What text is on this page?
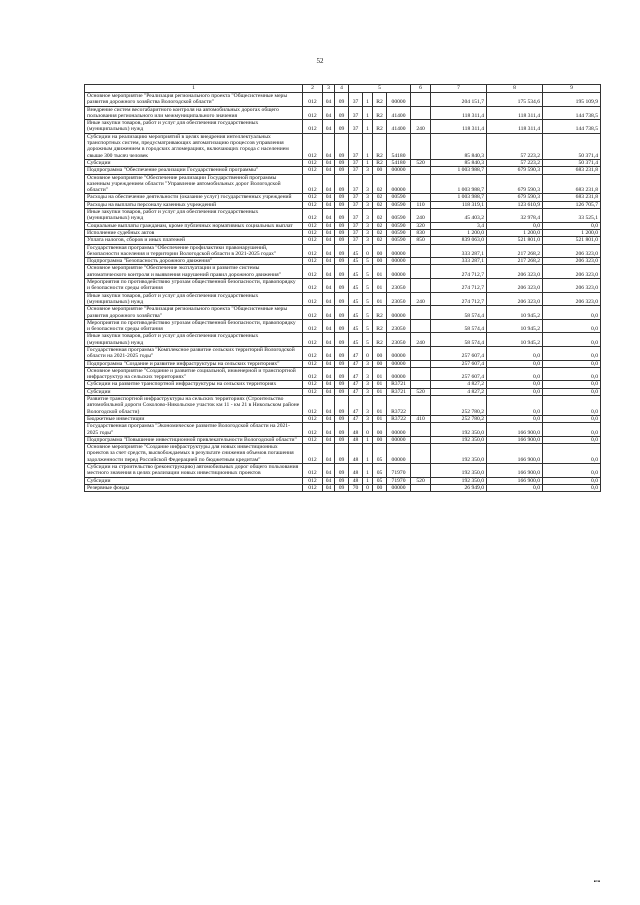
52
1	2	3	4	5				6	7	8	9
Основное мероприятие "Реализация регионального проекта "Общесистемные меры развития дорожного хозяйства Вологодской области"	012	04	09	37	1	R2	00000		204 151,7	175 534,6	195 109,9
Внедрение систем весогабаритного контроля на автомобильных дорогах общего пользования регионального или межмуниципального значения	012	04	09	37	1	R2	41400		118 311,4	118 311,4	144 738,5
Иные закупки товаров, работ и услуг для обеспечения государственных (муниципальных) нужд	012	04	09	37	1	R2	41400	240	118 311,4	118 311,4	144 738,5
Субсидии на реализацию мероприятий в целях внедрения интеллектуальных транспортных систем, предусматривающих автоматизацию процессов управления дорожным движением в городских агломерациях, включающих города с населением свыше 300 тысяч человек	012	04	09	37	1	R2	54180		85 840,3	57 223,2	50 371,4
Субсидии	012	04	09	37	1	R2	54180	520	85 840,3	57 223,2	50 371,4
Подпрограмма "Обеспечение реализации Государственной программы"	012	04	09	37	3	00	00000		1 003 988,7	679 590,3	683 231,8
Основное мероприятие "Обеспечение реализации Государственной программы казенным учреждением области "Управление автомобильных дорог Вологодской области"	012	04	09	37	3	02	00000		1 003 988,7	679 590,3	683 231,8
Расходы на обеспечение деятельности (оказание услуг) государственных учреждений	012	04	09	37	3	02	00590		1 003 988,7	679 590,3	683 231,8
Расходы на выплаты персоналу казенных учреждений	012	04	09	37	3	02	00590	110	118 319,1	123 610,9	126 705,7
Иные закупки товаров, работ и услуг для обеспечения государственных (муниципальных) нужд	012	04	09	37	3	02	00590	240	45 403,2	32 978,4	33 525,1
Социальные выплаты гражданам, кроме публичных нормативных социальных выплат	012	04	09	37	3	02	00590	320	3,4	0,0	0,0
Исполнение судебных актов	012	04	09	37	3	02	00590	830	1 200,0	1 200,0	1 200,0
Уплата налогов, сборов и иных платежей	012	04	09	37	3	02	00590	850	839 063,0	521 801,0	521 801,0
Государственная программа "Обеспечение профилактики правонарушений, безопасности населения и территории Вологодской области в 2021-2025 годах"	012	04	09	45	0	00	00000		333 287,1	217 268,2	206 323,0
Подпрограмма "Безопасность дорожного движения"	012	04	09	45	5	00	00000		333 287,1	217 268,2	206 323,0
Основное мероприятие "Обеспечение эксплуатации и развитие системы автоматического контроля и выявления нарушений правил дорожного движения"	012	04	09	45	5	01	00000		274 712,7	206 323,0	206 323,0
Мероприятия по противодействию угрозам общественной безопасности, правопорядку и безопасности среды обитания	012	04	09	45	5	01	23050		274 712,7	206 323,0	206 323,0
Иные закупки товаров, работ и услуг для обеспечения государственных (муниципальных) нужд	012	04	09	45	5	01	23050	240	274 712,7	206 323,0	206 323,0
Основное мероприятие "Реализация регионального проекта "Общесистемные меры развития дорожного хозяйства"	012	04	09	45	5	R2	00000		58 574,4	10 945,2	0,0
Мероприятия по противодействию угрозам общественной безопасности, правопорядку и безопасности среды обитания	012	04	09	45	5	R2	23050		58 574,4	10 945,2	0,0
Иные закупки товаров, работ и услуг для обеспечения государственных (муниципальных) нужд	012	04	09	45	5	R2	23050	240	58 574,4	10 945,2	0,0
Государственная программа "Комплексное развитие сельских территорий Вологодской области на 2021-2025 годы"	012	04	09	47	0	00	00000		257 607,4	0,0	0,0
Подпрограмма "Создание и развитие инфраструктуры на сельских территориях"	012	04	09	47	3	00	00000		257 607,4	0,0	0,0
Основное мероприятие "Создание и развитие социальной, инженерной и транспортной инфраструктур на сельских территориях"	012	04	09	47	3	01	00000		257 607,4	0,0	0,0
Субсидии на развитие транспортной инфраструктуры на сельских территориях	012	04	09	47	3	01	R3721		4 827,2	0,0	0,0
Субсидии	012	04	09	47	3	01	R3721	520	4 827,2	0,0	0,0
Развитие транспортной инфраструктуры на сельских территориях (Строительство автомобильной дороги Соколово-Никольское участок км 11 - км 21 в Никольском районе Вологодской области)	012	04	09	47	3	01	R3722		252 780,2	0,0	0,0
Бюджетные инвестиции	012	04	09	47	3	01	R3722	410	252 780,2	0,0	0,0
Государственная программа "Экономическое развитие Вологодской области на 2021-2025 годы"	012	04	09	48	0	00	00000		192 350,0	166 900,0	0,0
Подпрограмма "Повышение инвестиционной привлекательности Вологодской области"	012	04	09	48	1	00	00000		192 350,0	166 900,0	0,0
Основное мероприятие "Создание инфраструктуры для новых инвестиционных проектов за счет средств, высвобождаемых в результате снижения объемов погашения задолженности перед Российской Федерацией по бюджетным кредитам"	012	04	09	48	1	05	00000		192 350,0	166 900,0	0,0
Субсидии на строительство (реконструкцию) автомобильных дорог общего пользования местного значения в целях реализации новых инвестиционных проектов	012	04	09	48	1	05	71970		192 350,0	166 900,0	0,0
Субсидии	012	04	09	48	1	05	71970	520	192 350,0	166 900,0	0,0
Резервные фонды	012	04	09	70	0	00	00000		26 949,0	0,0	0,0
▪▫▪
